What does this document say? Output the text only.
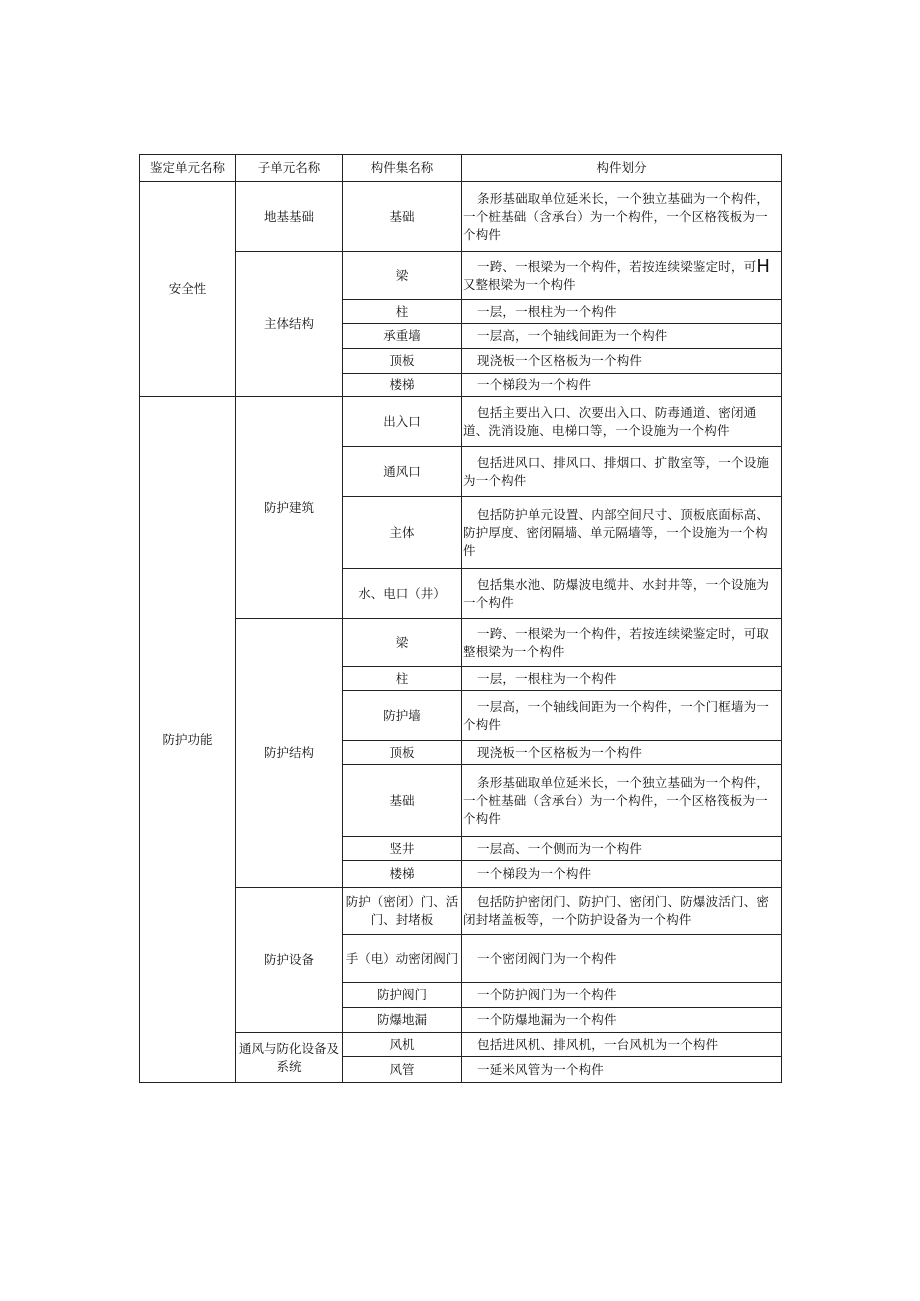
鉴定单元名称	子单元名称	构件集名称	构件划分
安全性	地基基础	基础	条形基础取单位延米长，一个独立基础为一个构件，一个桩基础（含承台）为一个构件，一个区格筏板为一个构件

	主体结构	梁	一跨、一根梁为一个构件，若按连续梁鉴定时，可H
又整根梁为一个构件
		柱	一层，一根柱为一个构件

		承重墙	一层高，一个轴线间距为一个构件

		顶板	现浇板一个区格板为一个构件

		楼梯	一个梯段为一个构件

防护功能	防护建筑	出入口	包括主要出入口、次要出入口、防毒通道、密闭通道、洗消设施、电梯口等，一个设施为一个构件

		通风口	包括进风口、排风口、排烟口、扩散室等，一个设施为一个构件

		主体	包括防护单元设置、内部空间尺寸、顶板底面标高、防护厚度、密闭隔墙、单元隔墙等，一个设施为一个构件

		水、电口（井）	包括集水池、防爆波电缆井、水封井等，一个设施为一个构件

	防护结构	梁	一跨、一根梁为一个构件，若按连续梁鉴定时，可取整根梁为一个构件

		柱	一层，一根柱为一个构件

		防护墙	一层高，一个轴线间距为一个构件，一个门框墙为一个构件

		顶板	现浇板一个区格板为一个构件

		基础	条形基础取单位延米长，一个独立基础为一个构件，一个桩基础（含承台）为一个构件，一个区格筏板为一个构件

		竖井	一层高、一个侧而为一个构件

		楼梯	一个梯段为一个构件

	防护设备	防护（密闭）门、活门、封堵板	包括防护密闭门、防护门、密闭门、防爆波活门、密闭封堵盖板等，一个防护设备为一个构件

		手（电）动密闭阀门	一个密闭阀门为一个构件

		防护阀门	一个防护阀门为一个构件

		防爆地漏	一个防爆地漏为一个构件

	通风与防化设备及系统	风机	包括进风机、排风机，一台风机为一个构件

		风管	一延米风管为一个构件
